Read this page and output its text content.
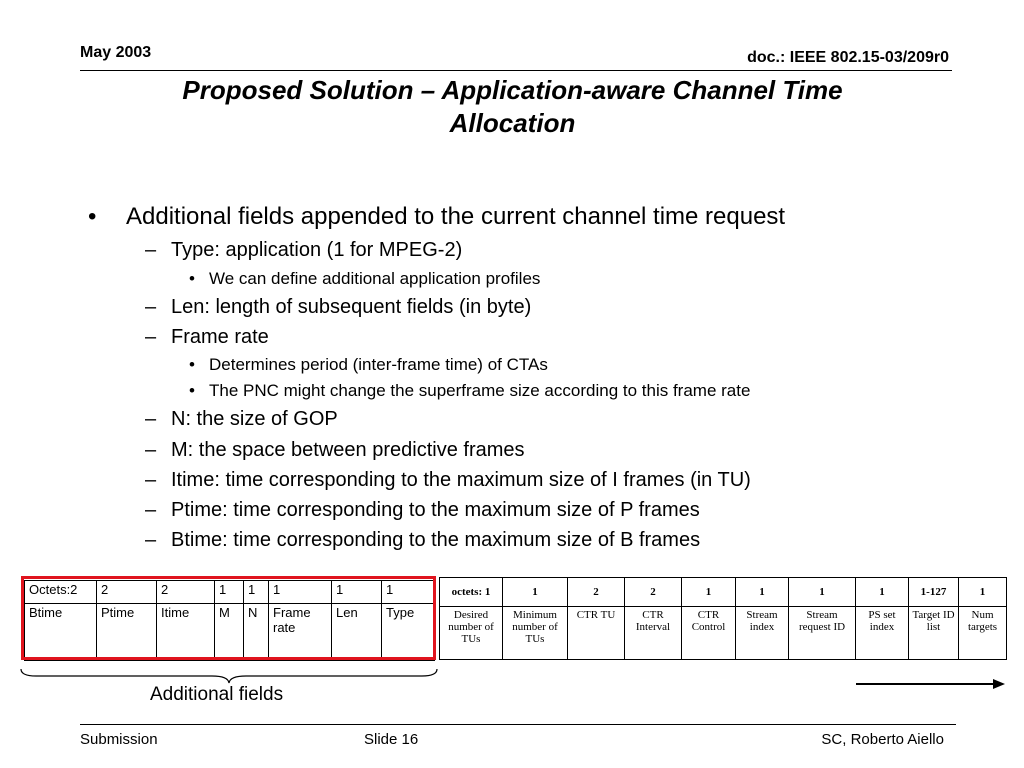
May 2003	doc.: IEEE 802.15-03/209r0
Proposed Solution – Application-aware Channel Time
Allocation
• Additional fields appended to the current channel time request
– Type: application (1 for MPEG-2)
• We can define additional application profiles
– Len: length of subsequent fields (in byte)
– Frame rate
• Determines period (inter-frame time) of CTAs
• The PNC might change the superframe size according to this frame rate
– N: the size of GOP
– M: the space between predictive frames
– Itime: time corresponding to the maximum size of I frames (in TU)
– Ptime: time corresponding to the maximum size of P frames
– Btime: time corresponding to the maximum size of B frames
Octets:2	2	2	1	1	1	1	1
Btime	Ptime	Itime	M	N	Frame rate	Len	Type
octets: 1	1	2	2	1	1	1	1	1-127	1
Desired number of TUs	Minimum number of TUs	CTR TU	CTR Interval	CTR Control	Stream index	Stream request ID	PS set index	Target ID list	Num targets
Additional fields
Submission	Slide 16	SC, Roberto Aiello
